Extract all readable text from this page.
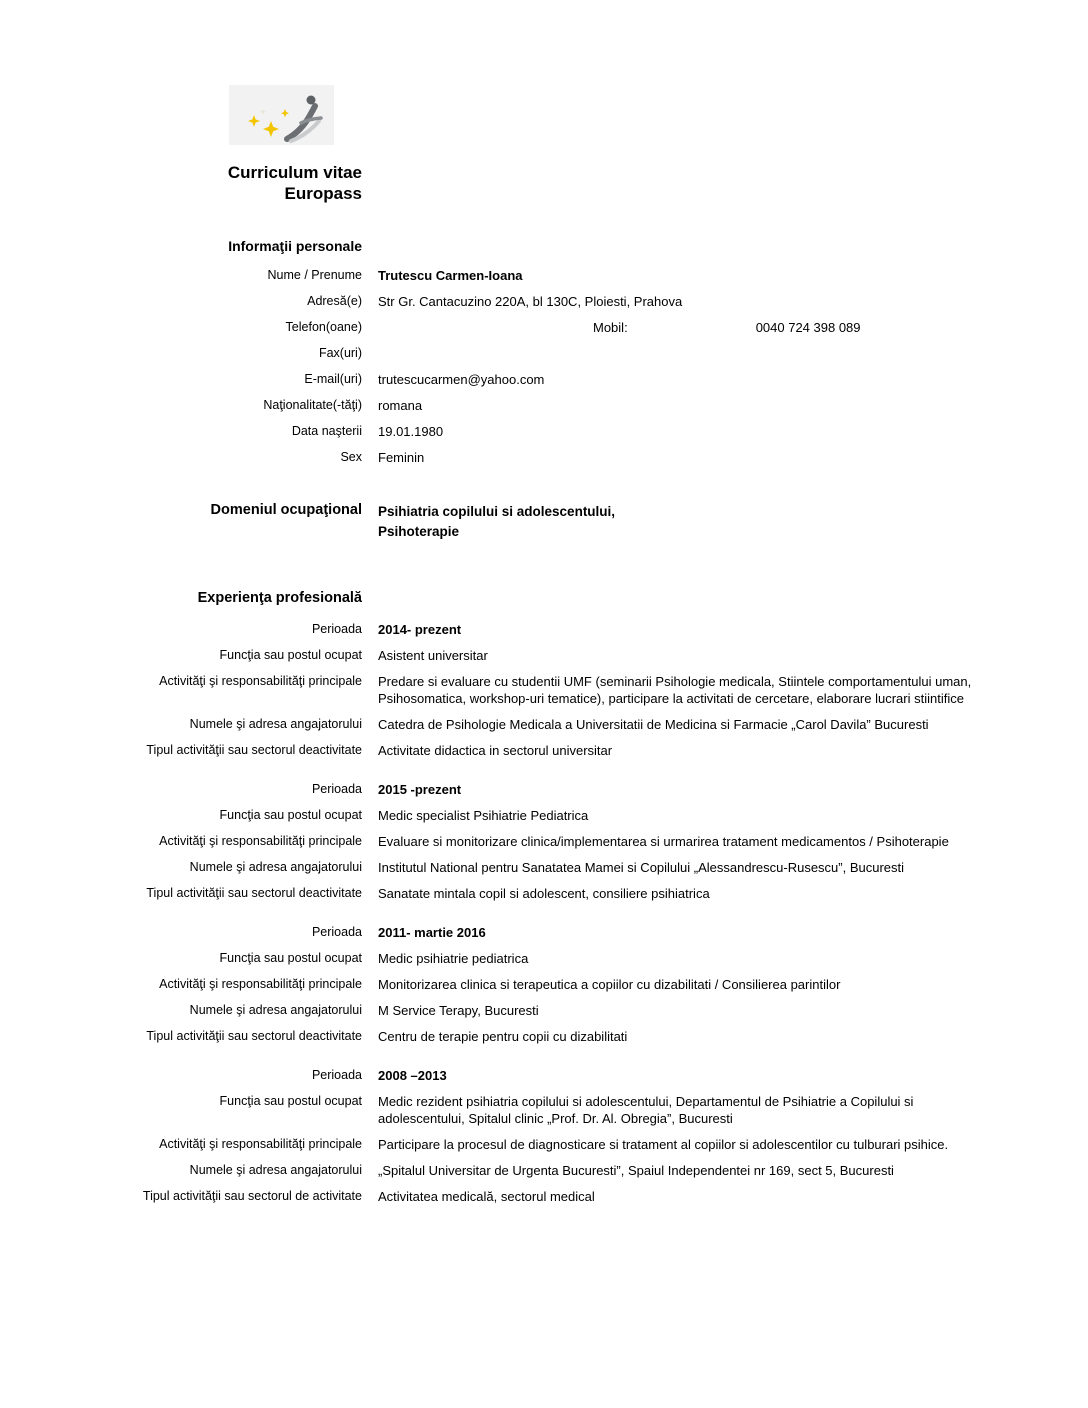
Curriculum vitae
Europass
Informaţii personale
Nume / Prenume Trutescu Carmen-Ioana
Adresă(e) Str Gr. Cantacuzino 220A, bl 130C, Ploiesti, Prahova
Telefon(oane)	Mobil:	0040 724 398 089
Fax(uri)
E-mail(uri) trutescucarmen@yahoo.com
Naţionalitate(-tăţi) romana
Data naşterii 19.01.1980
Sex Feminin
Domeniul ocupaţional Psihiatria copilului si adolescentului,
Psihoterapie
Experienţa profesională
Perioada 2014- prezent
Funcţia sau postul ocupat Asistent universitar
Activităţi şi responsabilităţi principale Predare si evaluare cu studentii UMF (seminarii Psihologie medicala, Stiintele comportamentului uman, Psihosomatica, workshop-uri tematice), participare la activitati de cercetare, elaborare lucrari stiintifice
Numele şi adresa angajatorului Catedra de Psihologie Medicala a Universitatii de Medicina si Farmacie „Carol Davila” Bucuresti
Tipul activităţii sau sectorul deactivitate Activitate didactica in sectorul universitar
Perioada 2015 -prezent
Funcţia sau postul ocupat Medic specialist Psihiatrie Pediatrica
Activităţi şi responsabilităţi principale Evaluare si monitorizare clinica/implementarea si urmarirea tratament medicamentos / Psihoterapie
Numele şi adresa angajatorului Institutul National pentru Sanatatea Mamei si Copilului „Alessandrescu-Rusescu”, Bucuresti
Tipul activităţii sau sectorul deactivitate Sanatate mintala copil si adolescent, consiliere psihiatrica
Perioada 2011- martie 2016
Funcţia sau postul ocupat Medic psihiatrie pediatrica
Activităţi şi responsabilităţi principale Monitorizarea clinica si terapeutica a copiilor cu dizabilitati / Consilierea parintilor
Numele şi adresa angajatorului M Service Terapy, Bucuresti
Tipul activităţii sau sectorul deactivitate Centru de terapie pentru copii cu dizabilitati
Perioada 2008 –2013
Funcţia sau postul ocupat Medic rezident psihiatria copilului si adolescentului, Departamentul de Psihiatrie a Copilului si adolescentului, Spitalul clinic „Prof. Dr. Al. Obregia”, Bucuresti
Activităţi şi responsabilităţi principale Participare la procesul de diagnosticare si tratament al copiilor si adolescentilor cu tulburari psihice.
Numele şi adresa angajatorului „Spitalul Universitar de Urgenta Bucuresti”, Spaiul Independentei nr 169, sect 5, Bucuresti
Tipul activităţii sau sectorul de activitate Activitatea medicală, sectorul medical
